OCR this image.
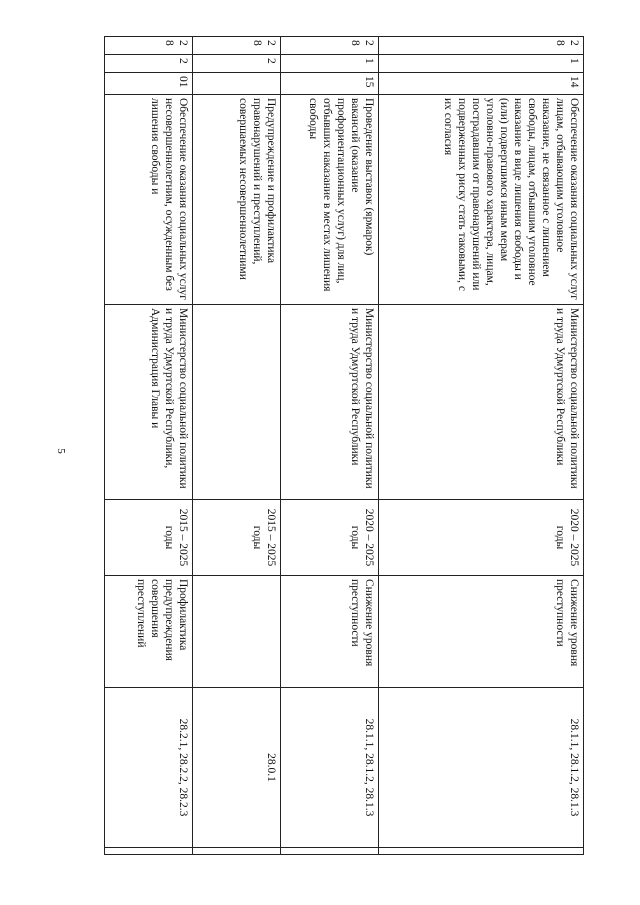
5
28	1	14	Обеспечение оказания социальных услуг лицам, отбывающим уголовное наказание, не связанное с лишением свободы, лицам, отбывшим уголовное наказание в виде лишения свободы и (или) подвергшимся иным мерам уголовно-правового характера, лицам, пострадавшим от правонарушений или подверженных риску стать таковыми, с их согласия	Министерство социальной политики и труда Удмуртской Республики	2020 – 2025 годы	Снижение уровня преступности	28.1.1, 28.1.2, 28.1.3	
28	1	15	Проведение выставок (ярмарок) вакансий (оказание профориентационных услуг) для лиц, отбывших наказание в местах лишения свободы	Министерство социальной политики и труда Удмуртской Республики	2020 – 2025 годы	Снижение уровня преступности	28.1.1, 28.1.2, 28.1.3	
28	2		Предупреждение и профилактика правонарушений и преступлений, совершаемых несовершеннолетними		2015 – 2025 годы		28.0.1	
28	2	01	Обеспечение оказания социальных услуг несовершеннолетним, осужденным без лишения свободы и	Министерство социальной политики и труда Удмуртской Республики, Администрация Главы и	2015 – 2025 годы	Профилактика предупреждения совершения преступлений	28.2.1, 28.2.2, 28.2.3	
